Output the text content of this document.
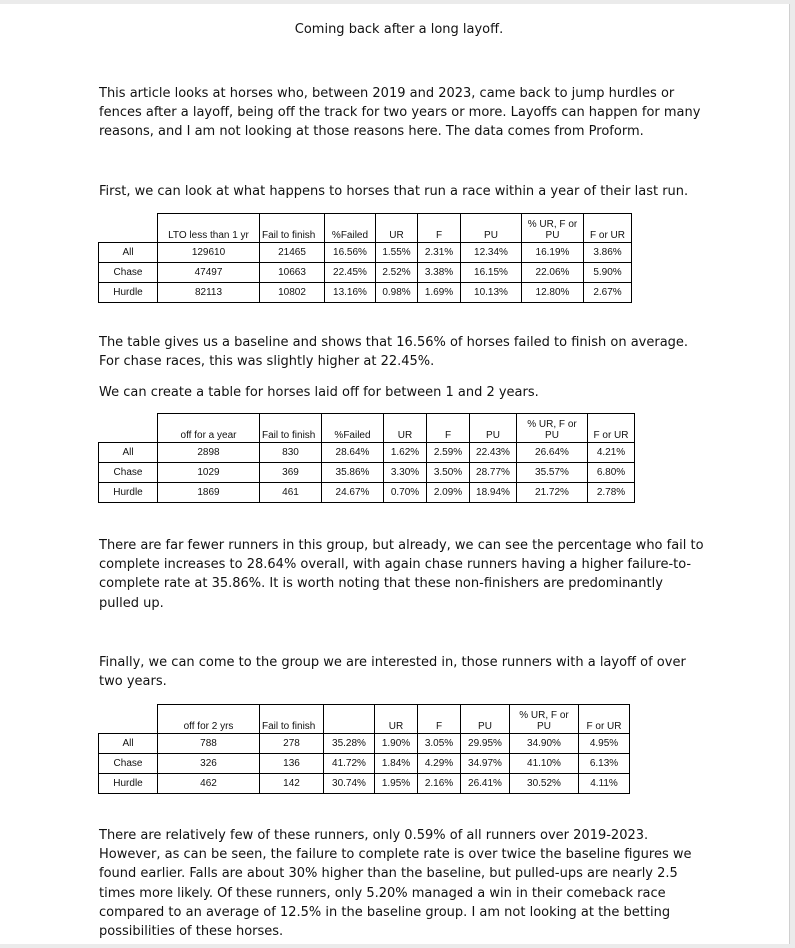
Coming back after a long layoff.

This article looks at horses who, between 2019 and 2023, came back to jump hurdles or fences after a layoff, being off the track for two years or more. Layoffs can happen for many reasons, and I am not looking at those reasons here. The data comes from Proform.

First, we can look at what happens to horses that run a race within a year of their last run.

	LTO less than 1 yr	Fail to finish	%Failed	UR	F	PU	% UR, F or PU	F or UR
All	129610	21465	16.56%	1.55%	2.31%	12.34%	16.19%	3.86%
Chase	47497	10663	22.45%	2.52%	3.38%	16.15%	22.06%	5.90%
Hurdle	82113	10802	13.16%	0.98%	1.69%	10.13%	12.80%	2.67%

The table gives us a baseline and shows that 16.56% of horses failed to finish on average. For chase races, this was slightly higher at 22.45%.

We can create a table for horses laid off for between 1 and 2 years.

	off for a year	Fail to finish	%Failed	UR	F	PU	% UR, F or PU	F or UR
All	2898	830	28.64%	1.62%	2.59%	22.43%	26.64%	4.21%
Chase	1029	369	35.86%	3.30%	3.50%	28.77%	35.57%	6.80%
Hurdle	1869	461	24.67%	0.70%	2.09%	18.94%	21.72%	2.78%

There are far fewer runners in this group, but already, we can see the percentage who fail to complete increases to 28.64% overall, with again chase runners having a higher failure-to-complete rate at 35.86%. It is worth noting that these non-finishers are predominantly pulled up.

Finally, we can come to the group we are interested in, those runners with a layoff of over two years.

	off for 2 yrs	Fail to finish		UR	F	PU	% UR, F or PU	F or UR
All	788	278	35.28%	1.90%	3.05%	29.95%	34.90%	4.95%
Chase	326	136	41.72%	1.84%	4.29%	34.97%	41.10%	6.13%
Hurdle	462	142	30.74%	1.95%	2.16%	26.41%	30.52%	4.11%

There are relatively few of these runners, only 0.59% of all runners over 2019-2023. However, as can be seen, the failure to complete rate is over twice the baseline figures we found earlier. Falls are about 30% higher than the baseline, but pulled-ups are nearly 2.5 times more likely. Of these runners, only 5.20% managed a win in their comeback race compared to an average of 12.5% in the baseline group. I am not looking at the betting possibilities of these horses.
